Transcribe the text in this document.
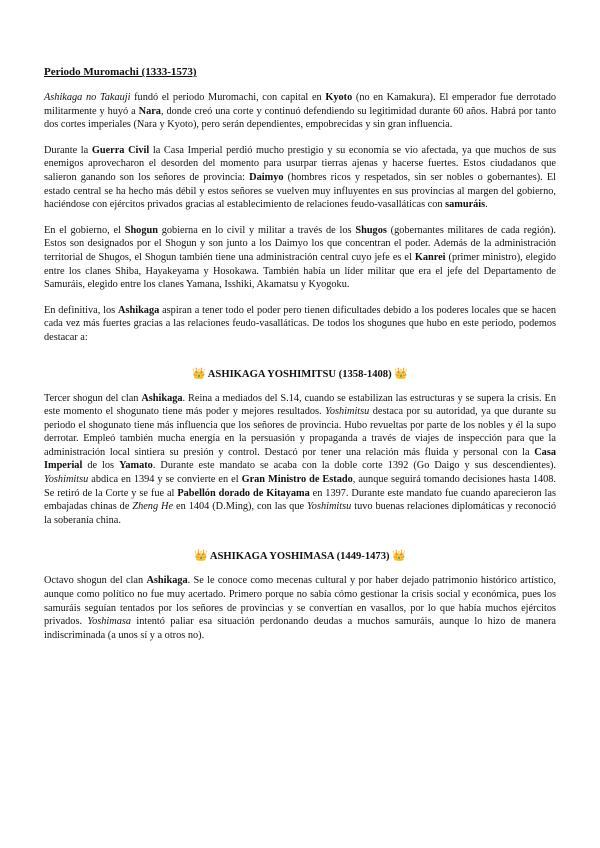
Periodo Muromachi (1333-1573)

Ashikaga no Takauji fundó el periodo Muromachi, con capital en Kyoto (no en Kamakura). El emperador fue derrotado militarmente y huyó a Nara, donde creó una corte y continuó defendiendo su legitimidad durante 60 años. Habrá por tanto dos cortes imperiales (Nara y Kyoto), pero serán dependientes, empobrecidas y sin gran influencia.

Durante la Guerra Civil la Casa Imperial perdió mucho prestigio y su economía se vio afectada, ya que muchos de sus enemigos aprovecharon el desorden del momento para usurpar tierras ajenas y hacerse fuertes. Estos ciudadanos que salieron ganando son los señores de provincia: Daimyo (hombres ricos y respetados, sin ser nobles o gobernantes). El estado central se ha hecho más débil y estos señores se vuelven muy influyentes en sus provincias al margen del gobierno, haciéndose con ejércitos privados gracias al establecimiento de relaciones feudo-vasalláticas con samuráis.

En el gobierno, el Shogun gobierna en lo civil y militar a través de los Shugos (gobernantes militares de cada región). Estos son designados por el Shogun y son junto a los Daimyo los que concentran el poder. Además de la administración territorial de Shugos, el Shogun también tiene una administración central cuyo jefe es el Kanrei (primer ministro), elegido entre los clanes Shiba, Hayakeyama y Hosokawa. También había un líder militar que era el jefe del Departamento de Samuráis, elegido entre los clanes Yamana, Isshiki, Akamatsu y Kyogoku.

En definitiva, los Ashikaga aspiran a tener todo el poder pero tienen dificultades debido a los poderes locales que se hacen cada vez más fuertes gracias a las relaciones feudo-vasalláticas. De todos los shogunes que hubo en este periodo, podemos destacar a:

👑 ASHIKAGA YOSHIMITSU (1358-1408) 👑

Tercer shogun del clan Ashikaga. Reina a mediados del S.14, cuando se estabilizan las estructuras y se supera la crisis. En este momento el shogunato tiene más poder y mejores resultados. Yoshimitsu destaca por su autoridad, ya que durante su periodo el shogunato tiene más influencia que los señores de provincia. Hubo revueltas por parte de los nobles y él la supo derrotar. Empleó también mucha energía en la persuasión y propaganda a través de viajes de inspección para que la administración local sintiera su presión y control. Destacó por tener una relación más fluida y personal con la Casa Imperial de los Yamato. Durante este mandato se acaba con la doble corte 1392 (Go Daigo y sus descendientes). Yoshimitsu abdica en 1394 y se convierte en el Gran Ministro de Estado, aunque seguirá tomando decisiones hasta 1408. Se retiró de la Corte y se fue al Pabellón dorado de Kitayama en 1397. Durante este mandato fue cuando aparecieron las embajadas chinas de Zheng He en 1404 (D.Ming), con las que Yoshimitsu tuvo buenas relaciones diplomáticas y reconoció la soberanía china.

👑 ASHIKAGA YOSHIMASA (1449-1473) 👑

Octavo shogun del clan Ashikaga. Se le conoce como mecenas cultural y por haber dejado patrimonio histórico artístico, aunque como político no fue muy acertado. Primero porque no sabía cómo gestionar la crisis social y económica, pues los samuráis seguían tentados por los señores de provincias y se convertían en vasallos, por lo que había muchos ejércitos privados. Yoshimasa intentó paliar esa situación perdonando deudas a muchos samuráis, aunque lo hizo de manera indiscriminada (a unos sí y a otros no).
